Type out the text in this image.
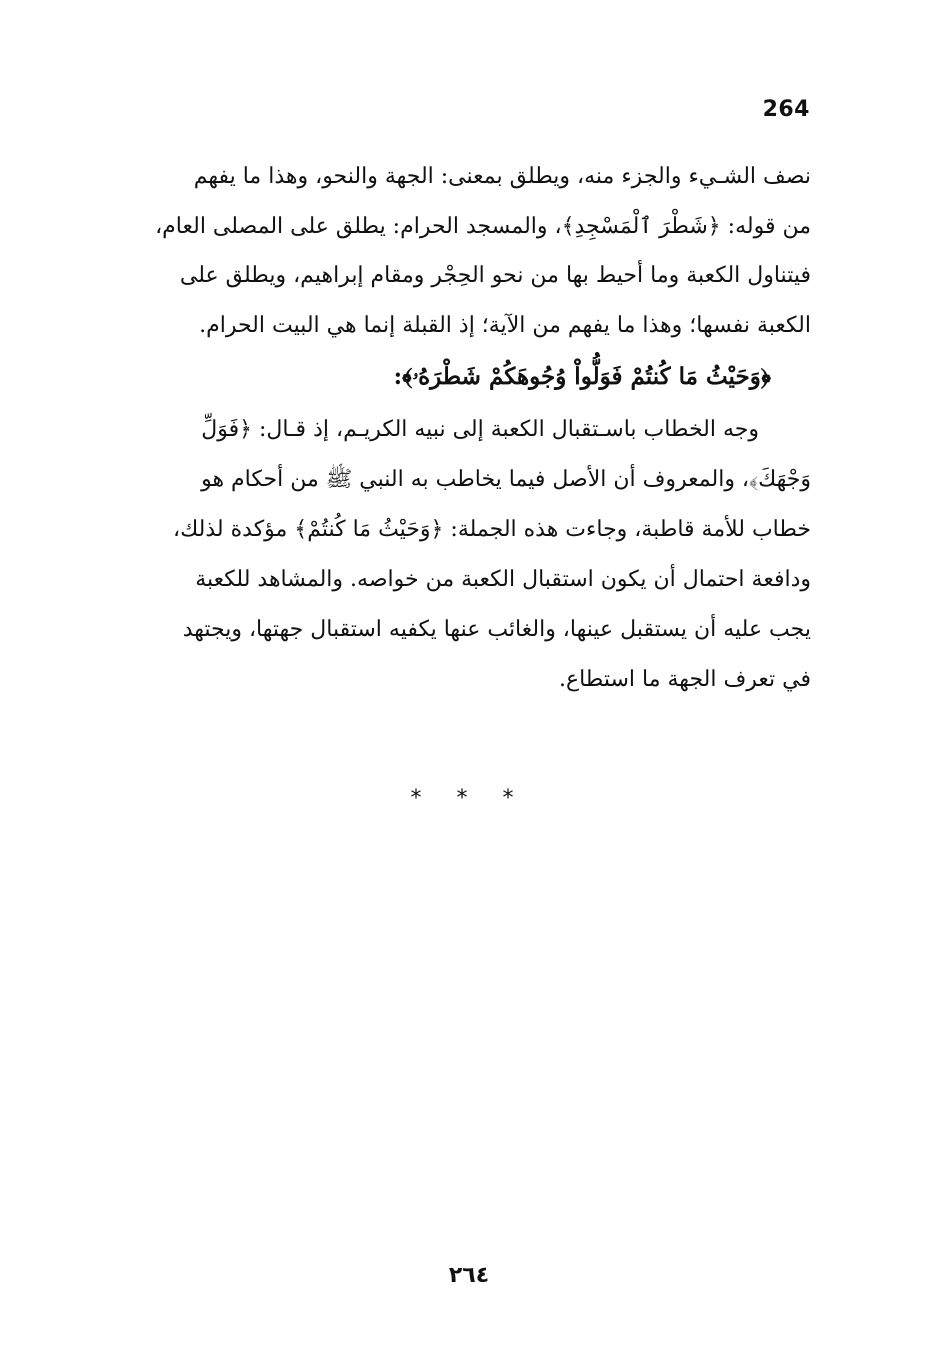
264
نصف الشـيء والجزء منه، ويطلق بمعنى: الجهة والنحو، وهذا ما يفهم
من قوله: ﴿شَطْرَ ٱلْمَسْجِدِ﴾، والمسجد الحرام: يطلق على المصلى العام،
فيتناول الكعبة وما أحيط بها من نحو الحِجْر ومقام إبراهيم، ويطلق على
الكعبة نفسها؛ وهذا ما يفهم من الآية؛ إذ القبلة إنما هي البيت الحرام.
﴿وَحَيْثُ مَا كُنتُمْ فَوَلُّواْ وُجُوهَكُمْ شَطْرَهُۥ﴾:
وجه الخطاب باسـتقبال الكعبة إلى نبيه الكريـم، إذ قـال: ﴿فَوَلِّ
وَجْهَكَ﴾، والمعروف أن الأصل فيما يخاطب به النبي ﷺ من أحكام هو
خطاب للأمة قاطبة، وجاءت هذه الجملة: ﴿وَحَيْثُ مَا كُنتُمْ﴾ مؤكدة لذلك،
ودافعة احتمال أن يكون استقبال الكعبة من خواصه. والمشاهد للكعبة
يجب عليه أن يستقبل عينها، والغائب عنها يكفيه استقبال جهتها، ويجتهد
في تعرف الجهة ما استطاع.
* * *
٢٦٤
